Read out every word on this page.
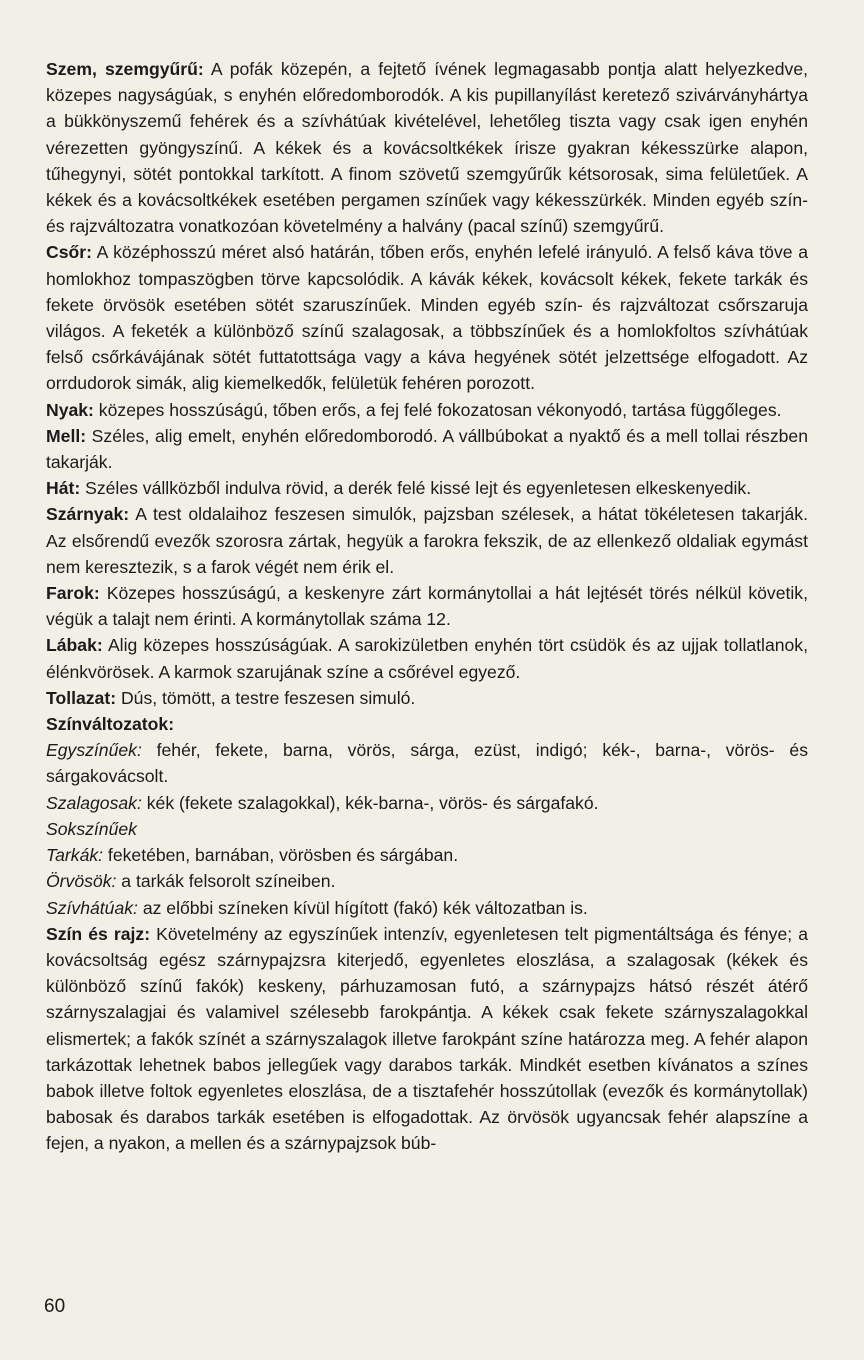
Szem, szemgyűrű: A pofák közepén, a fejtető ívének legmagasabb pontja alatt helyezkedve, közepes nagyságúak, s enyhén előredomborodók. A kis pupillanyílást keretező szivárványhártya a bükkönyszemű fehérek és a szívhátúak kivételével, lehetőleg tiszta vagy csak igen enyhén vérezetten gyöngyszínű. A kékek és a kovácsoltkékek írisze gyakran kékesszürke alapon, tűhegynyi, sötét pontokkal tarkított. A finom szövetű szemgyűrűk kétsorosak, sima felületűek. A kékek és a kovácsoltkékek esetében pergamen színűek vagy kékesszürkék. Minden egyéb szín- és rajzváltozatra vonatkozóan követelmény a halvány (pacal színű) szemgyűrű.

Csőr: A középhosszú méret alsó határán, tőben erős, enyhén lefelé irányuló. A felső káva töve a homlokhoz tompaszögben törve kapcsolódik. A kávák kékek, kovácsolt kékek, fekete tarkák és fekete örvösök esetében sötét szaruszínűek. Minden egyéb szín- és rajzváltozat csőrszaruja világos. A feketék a különböző színű szalagosak, a többszínűek és a homlokfoltos szívhátúak felső csőrkávájának sötét futtatottsága vagy a káva hegyének sötét jelzettsége elfogadott. Az orrdudorok simák, alig kiemelkedők, felületük fehéren porozott.

Nyak: közepes hosszúságú, tőben erős, a fej felé fokozatosan vékonyodó, tartása függőleges.

Mell: Széles, alig emelt, enyhén előredomborodó. A vállbúbokat a nyaktő és a mell tollai részben takarják.

Hát: Széles vállközből indulva rövid, a derék felé kissé lejt és egyenletesen elkeskenyedik.

Szárnyak: A test oldalaihoz feszesen simulók, pajzsban szélesek, a hátat tökéletesen takarják. Az elsőrendű evezők szorosra zártak, hegyük a farokra fekszik, de az ellenkező oldaliak egymást nem keresztezik, s a farok végét nem érik el.

Farok: Közepes hosszúságú, a keskenyre zárt kormánytollai a hát lejtését törés nélkül követik, végük a talajt nem érinti. A kormánytollak száma 12.

Lábak: Alig közepes hosszúságúak. A sarokizületben enyhén tört csüdök és az ujjak tollatlanok, élénkvörösek. A karmok szarujának színe a csőrével egyező.

Tollazat: Dús, tömött, a testre feszesen simuló.

Színváltozatok:

Egyszínűek: fehér, fekete, barna, vörös, sárga, ezüst, indigó; kék-, barna-, vörös- és sárgakovácsolt.

Szalagosak: kék (fekete szalagokkal), kék-barna-, vörös- és sárgafakó.

Sokszínűek

Tarkák: feketében, barnában, vörösben és sárgában.

Örvösök: a tarkák felsorolt színeiben.

Szívhátúak: az előbbi színeken kívül hígított (fakó) kék változatban is.

Szín és rajz: Követelmény az egyszínűek intenzív, egyenletesen telt pigmentáltsága és fénye; a kovácsoltság egész szárnypajzsra kiterjedő, egyenletes eloszlása, a szalagosak (kékek és különböző színű fakók) keskeny, párhuzamosan futó, a szárnypajzs hátsó részét átérő szárnyszalagjai és valamivel szélesebb farokpántja. A kékek csak fekete szárnyszalagokkal elismertek; a fakók színét a szárnyszalagok illetve farokpánt színe határozza meg. A fehér alapon tarkázottak lehetnek babos jellegűek vagy darabos tarkák. Mindkét esetben kívánatos a színes babok illetve foltok egyenletes eloszlása, de a tisztafehér hosszútollak (evezők és kormánytollak) babosak és darabos tarkák esetében is elfogadottak. Az örvösök ugyancsak fehér alapszíne a fejen, a nyakon, a mellen és a szárnypajzsok búb-

60
